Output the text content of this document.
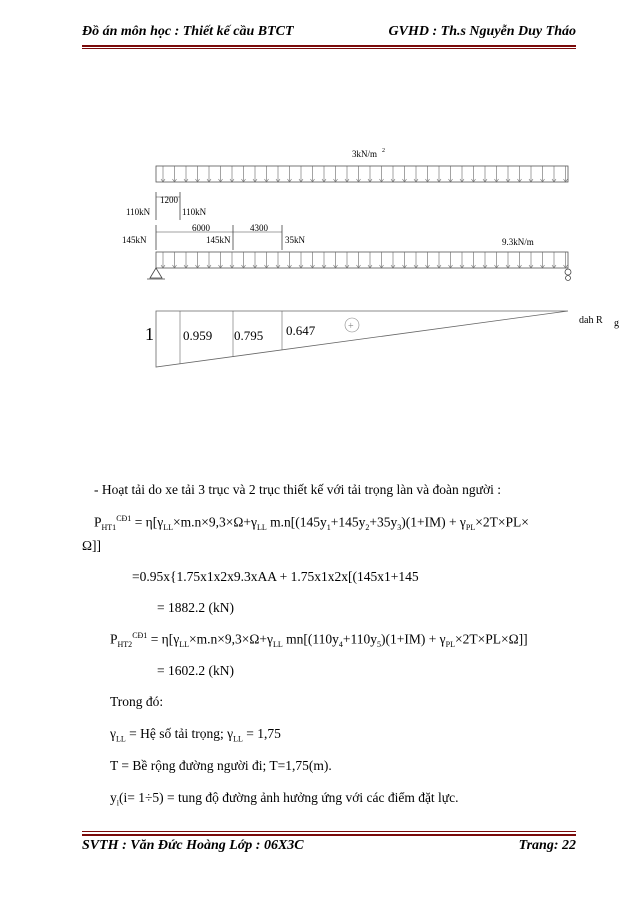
Đồ án môn học : Thiết kế cầu BTCT	GVHD : Th.s Nguyễn Duy Tháo
3kN/m 2
1200
110kN	110kN
6000	4300
145kN	145kN	35kN	9.3kN/m
1 0.959 0.795 0.647	+
dah R g
- Hoạt tải do xe tải 3 trục và 2 trục thiết kế với tải trọng làn và đoàn người :
$P_{HT1}^{CĐ1} = \eta[\gamma_{LL}\times m.n\times 9,3\times\Omega+\gamma_{LL}$ $m.n[(145y_1+145y_2+35y_3)(1+IM) + \gamma_{PL}\times 2T\times PL\times$
Ω]]
=0.95x{1.75x1x2x9.3xAA + 1.75x1x2x[(145x1+145
= 1882.2 (kN)
$P_{HT2}^{CĐ1} = \eta[\gamma_{LL}\times m.n\times 9,3\times\Omega+\gamma_{LL}$ $mn[(110y_4+110y_5)(1+IM) + \gamma_{PL}\times 2T\times PL\times\Omega]$]
= 1602.2 (kN)
Trong đó:
$\gamma_{LL}$ = Hệ số tải trọng; $\gamma_{LL} = 1,75$
T = Bề rộng đường người đi; T=1,75(m).
$y_i(i= 1\div 5)$ = tung độ đường ảnh hưởng ứng với các điểm đặt lực.
SVTH : Văn Đức Hoàng Lớp : 06X3C	Trang: 22
